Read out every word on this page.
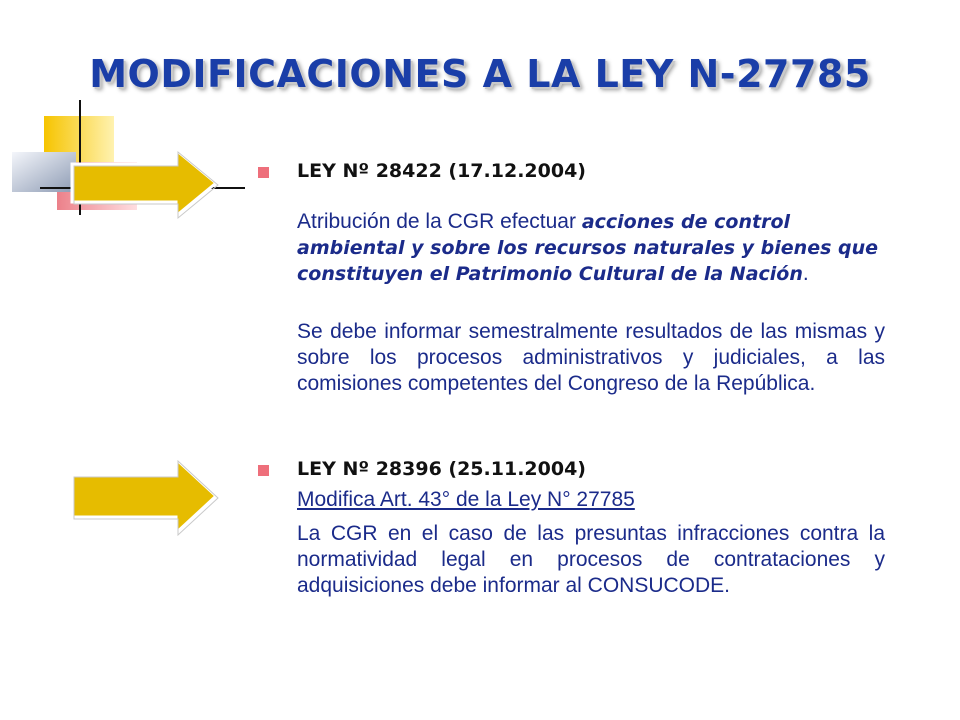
MODIFICACIONES A LA LEY N-27785
LEY Nº 28422 (17.12.2004)
Atribución de la CGR efectuar acciones de control ambiental y sobre los recursos naturales y bienes que constituyen el Patrimonio Cultural de la Nación.
Se debe informar semestralmente resultados de las mismas y sobre los procesos administrativos y judiciales, a las comisiones competentes del Congreso de la República.
LEY Nº 28396 (25.11.2004)
Modifica Art. 43° de la Ley N° 27785
La CGR en el caso de las presuntas infracciones contra la normatividad legal en procesos de contrataciones y adquisiciones debe informar al CONSUCODE.
